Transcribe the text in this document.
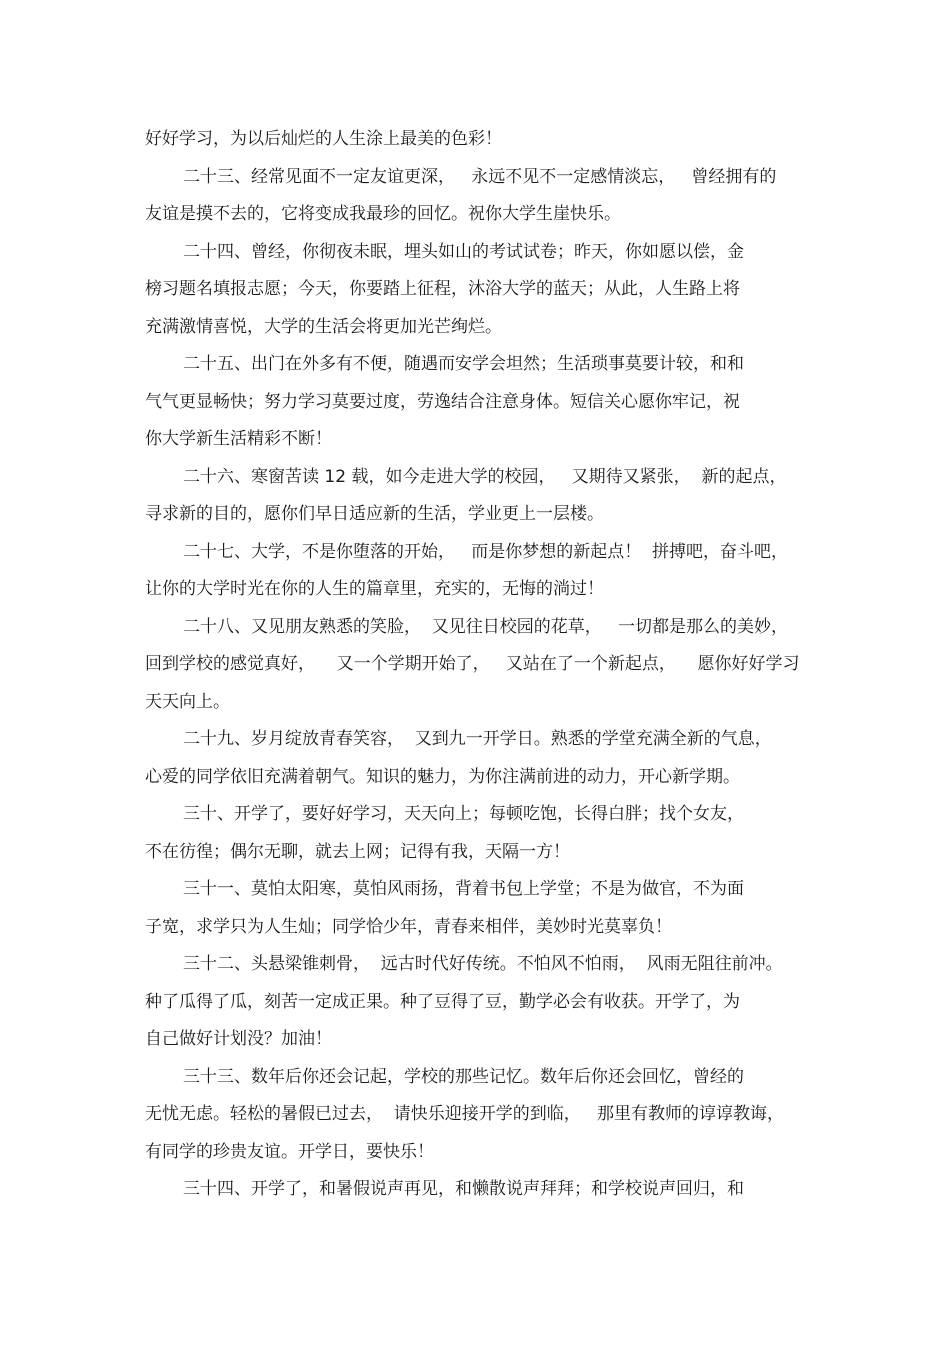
好好学习，为以后灿烂的人生涂上最美的色彩！
二十三、经常见面不一定友谊更深，   永远不见不一定感情淡忘，   曾经拥有的
友谊是摸不去的，它将变成我最珍的回忆。祝你大学生崖快乐。
二十四、曾经，你彻夜未眠，埋头如山的考试试卷；昨天，你如愿以偿，金
榜习题名填报志愿；今天，你要踏上征程，沐浴大学的蓝天；从此，人生路上将
充满激情喜悦，大学的生活会将更加光芒绚烂。
二十五、出门在外多有不便，随遇而安学会坦然；生活琐事莫要计较，和和
气气更显畅快；努力学习莫要过度，劳逸结合注意身体。短信关心愿你牢记，祝
你大学新生活精彩不断！
二十六、寒窗苦读 12 载，如今走进大学的校园，   又期待又紧张，  新的起点，
寻求新的目的，愿你们早日适应新的生活，学业更上一层楼。
二十七、大学，不是你堕落的开始，   而是你梦想的新起点！  拼搏吧，奋斗吧，
让你的大学时光在你的人生的篇章里，充实的，无悔的淌过！
二十八、又见朋友熟悉的笑脸，  又见往日校园的花草，   一切都是那么的美妙，
回到学校的感觉真好，    又一个学期开始了，   又站在了一个新起点，    愿你好好学习
天天向上。
二十九、岁月绽放青春笑容，  又到九一开学日。熟悉的学堂充满全新的气息，
心爱的同学依旧充满着朝气。知识的魅力，为你注满前进的动力，开心新学期。
三十、开学了，要好好学习，天天向上；每顿吃饱，长得白胖；找个女友，
不在彷徨；偶尔无聊，就去上网；记得有我，天隔一方！
三十一、莫怕太阳寒，莫怕风雨扬，背着书包上学堂；不是为做官，不为面
子宽，求学只为人生灿；同学恰少年，青春来相伴，美妙时光莫辜负！
三十二、头悬梁锥刺骨，  远古时代好传统。不怕风不怕雨，  风雨无阻往前冲。
种了瓜得了瓜，刻苦一定成正果。种了豆得了豆，勤学必会有收获。开学了，为
自己做好计划没？加油！
三十三、数年后你还会记起，学校的那些记忆。数年后你还会回忆，曾经的
无忧无虑。轻松的暑假已过去，  请快乐迎接开学的到临，   那里有教师的谆谆教诲，
有同学的珍贵友谊。开学日，要快乐！
三十四、开学了，和暑假说声再见，和懒散说声拜拜；和学校说声回归，和
